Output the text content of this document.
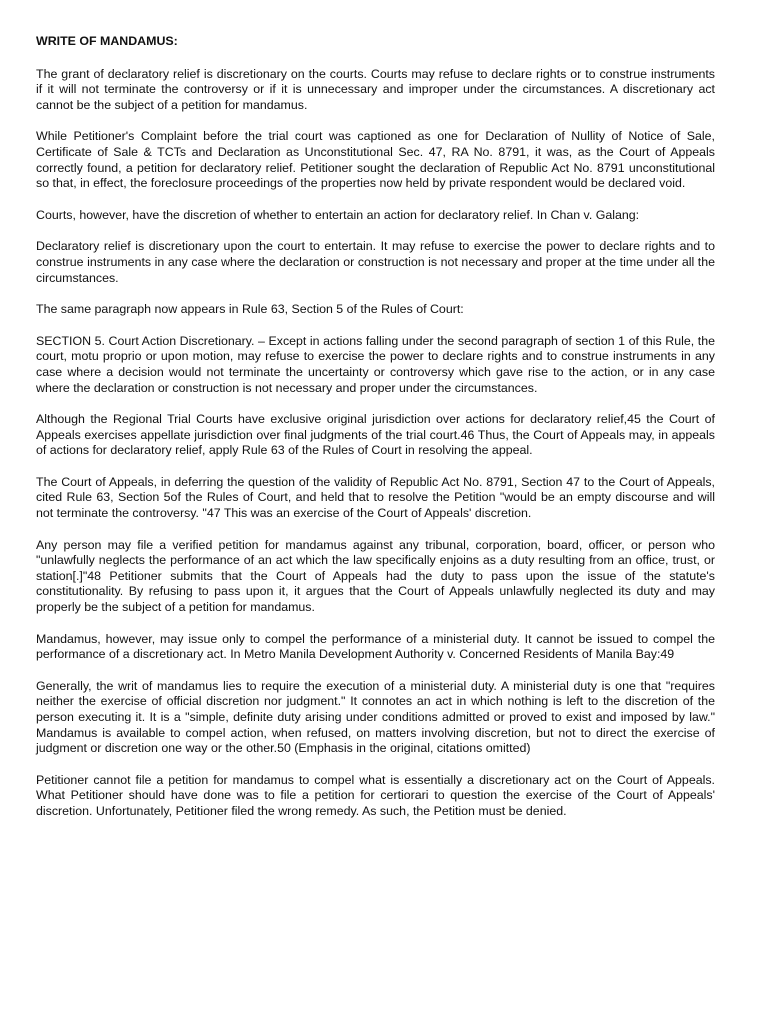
WRITE OF MANDAMUS:

The grant of declaratory relief is discretionary on the courts. Courts may refuse to declare rights or to construe instruments if it will not terminate the controversy or if it is unnecessary and improper under the circumstances. A discretionary act cannot be the subject of a petition for mandamus.

While Petitioner's Complaint before the trial court was captioned as one for Declaration of Nullity of Notice of Sale, Certificate of Sale & TCTs and Declaration as Unconstitutional Sec. 47, RA No. 8791, it was, as the Court of Appeals correctly found, a petition for declaratory relief. Petitioner sought the declaration of Republic Act No. 8791 unconstitutional so that, in effect, the foreclosure proceedings of the properties now held by private respondent would be declared void.

Courts, however, have the discretion of whether to entertain an action for declaratory relief. In Chan v. Galang:

Declaratory relief is discretionary upon the court to entertain. It may refuse to exercise the power to declare rights and to construe instruments in any case where the declaration or construction is not necessary and proper at the time under all the circumstances.

The same paragraph now appears in Rule 63, Section 5 of the Rules of Court:

SECTION 5. Court Action Discretionary. – Except in actions falling under the second paragraph of section 1 of this Rule, the court, motu proprio or upon motion, may refuse to exercise the power to declare rights and to construe instruments in any case where a decision would not terminate the uncertainty or controversy which gave rise to the action, or in any case where the declaration or construction is not necessary and proper under the circumstances.

Although the Regional Trial Courts have exclusive original jurisdiction over actions for declaratory relief,45 the Court of Appeals exercises appellate jurisdiction over final judgments of the trial court.46 Thus, the Court of Appeals may, in appeals of actions for declaratory relief, apply Rule 63 of the Rules of Court in resolving the appeal.

The Court of Appeals, in deferring the question of the validity of Republic Act No. 8791, Section 47 to the Court of Appeals, cited Rule 63, Section 5of the Rules of Court, and held that to resolve the Petition "would be an empty discourse and will not terminate the controversy. "47 This was an exercise of the Court of Appeals' discretion.

Any person may file a verified petition for mandamus against any tribunal, corporation, board, officer, or person who "unlawfully neglects the performance of an act which the law specifically enjoins as a duty resulting from an office, trust, or station[.]"48 Petitioner submits that the Court of Appeals had the duty to pass upon the issue of the statute's constitutionality. By refusing to pass upon it, it argues that the Court of Appeals unlawfully neglected its duty and may properly be the subject of a petition for mandamus.

Mandamus, however, may issue only to compel the performance of a ministerial duty. It cannot be issued to compel the performance of a discretionary act. In Metro Manila Development Authority v. Concerned Residents of Manila Bay:49

Generally, the writ of mandamus lies to require the execution of a ministerial duty. A ministerial duty is one that "requires neither the exercise of official discretion nor judgment." It connotes an act in which nothing is left to the discretion of the person executing it. It is a "simple, definite duty arising under conditions admitted or proved to exist and imposed by law." Mandamus is available to compel action, when refused, on matters involving discretion, but not to direct the exercise of judgment or discretion one way or the other.50 (Emphasis in the original, citations omitted)

Petitioner cannot file a petition for mandamus to compel what is essentially a discretionary act on the Court of Appeals. What Petitioner should have done was to file a petition for certiorari to question the exercise of the Court of Appeals' discretion. Unfortunately, Petitioner filed the wrong remedy. As such, the Petition must be denied.
